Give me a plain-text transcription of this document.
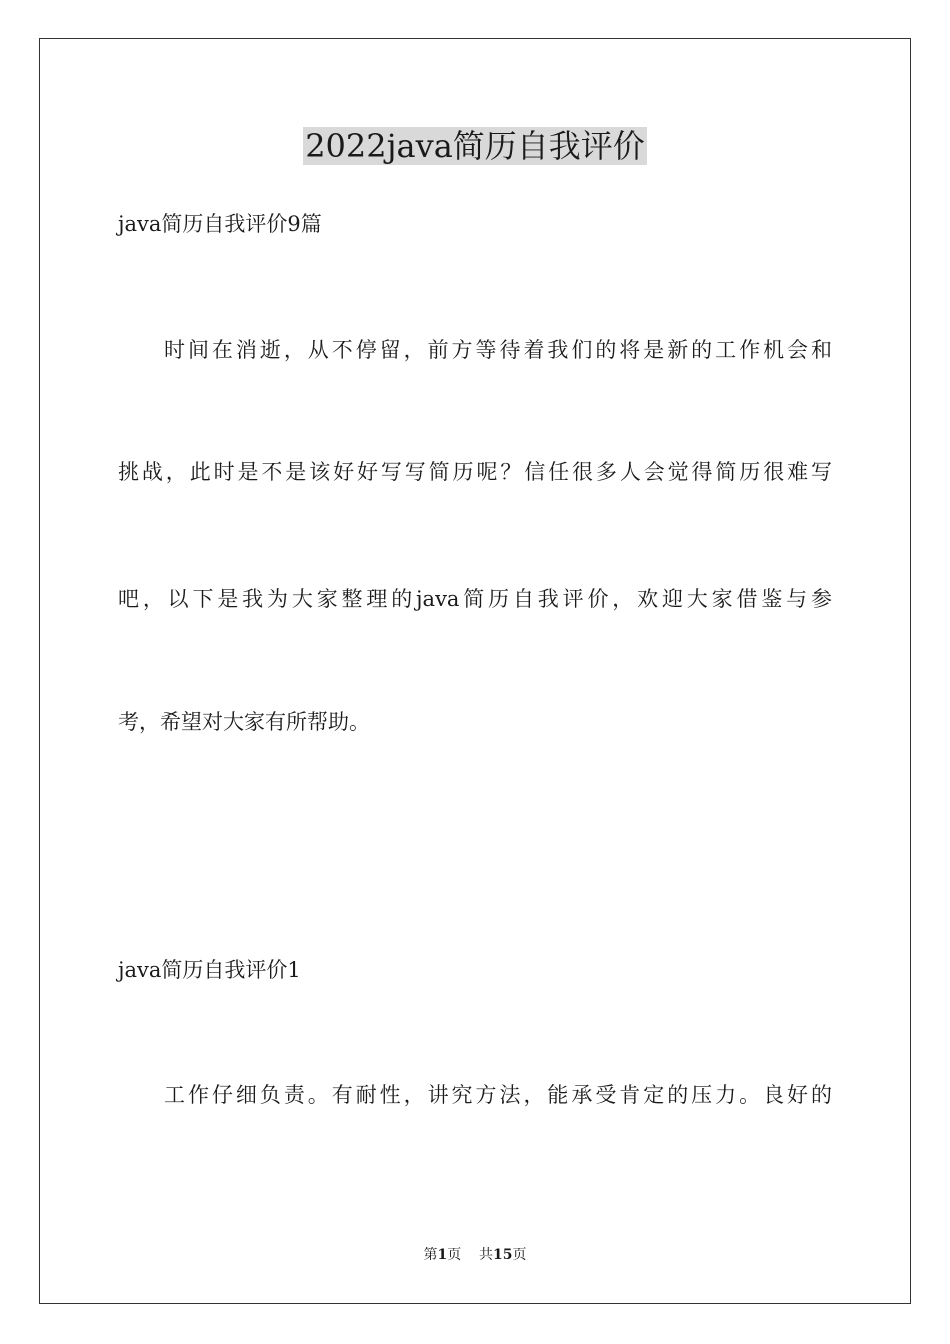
2022java简历自我评价
java简历自我评价9篇
时间在消逝，从不停留，前方等待着我们的将是新的工作机会和
挑战，此时是不是该好好写写简历呢？信任很多人会觉得简历很难写
吧，以下是我为大家整理的java简历自我评价，欢迎大家借鉴与参
考，希望对大家有所帮助。
java简历自我评价1
工作仔细负责。有耐性，讲究方法，能承受肯定的压力。良好的
第1页 共15页
